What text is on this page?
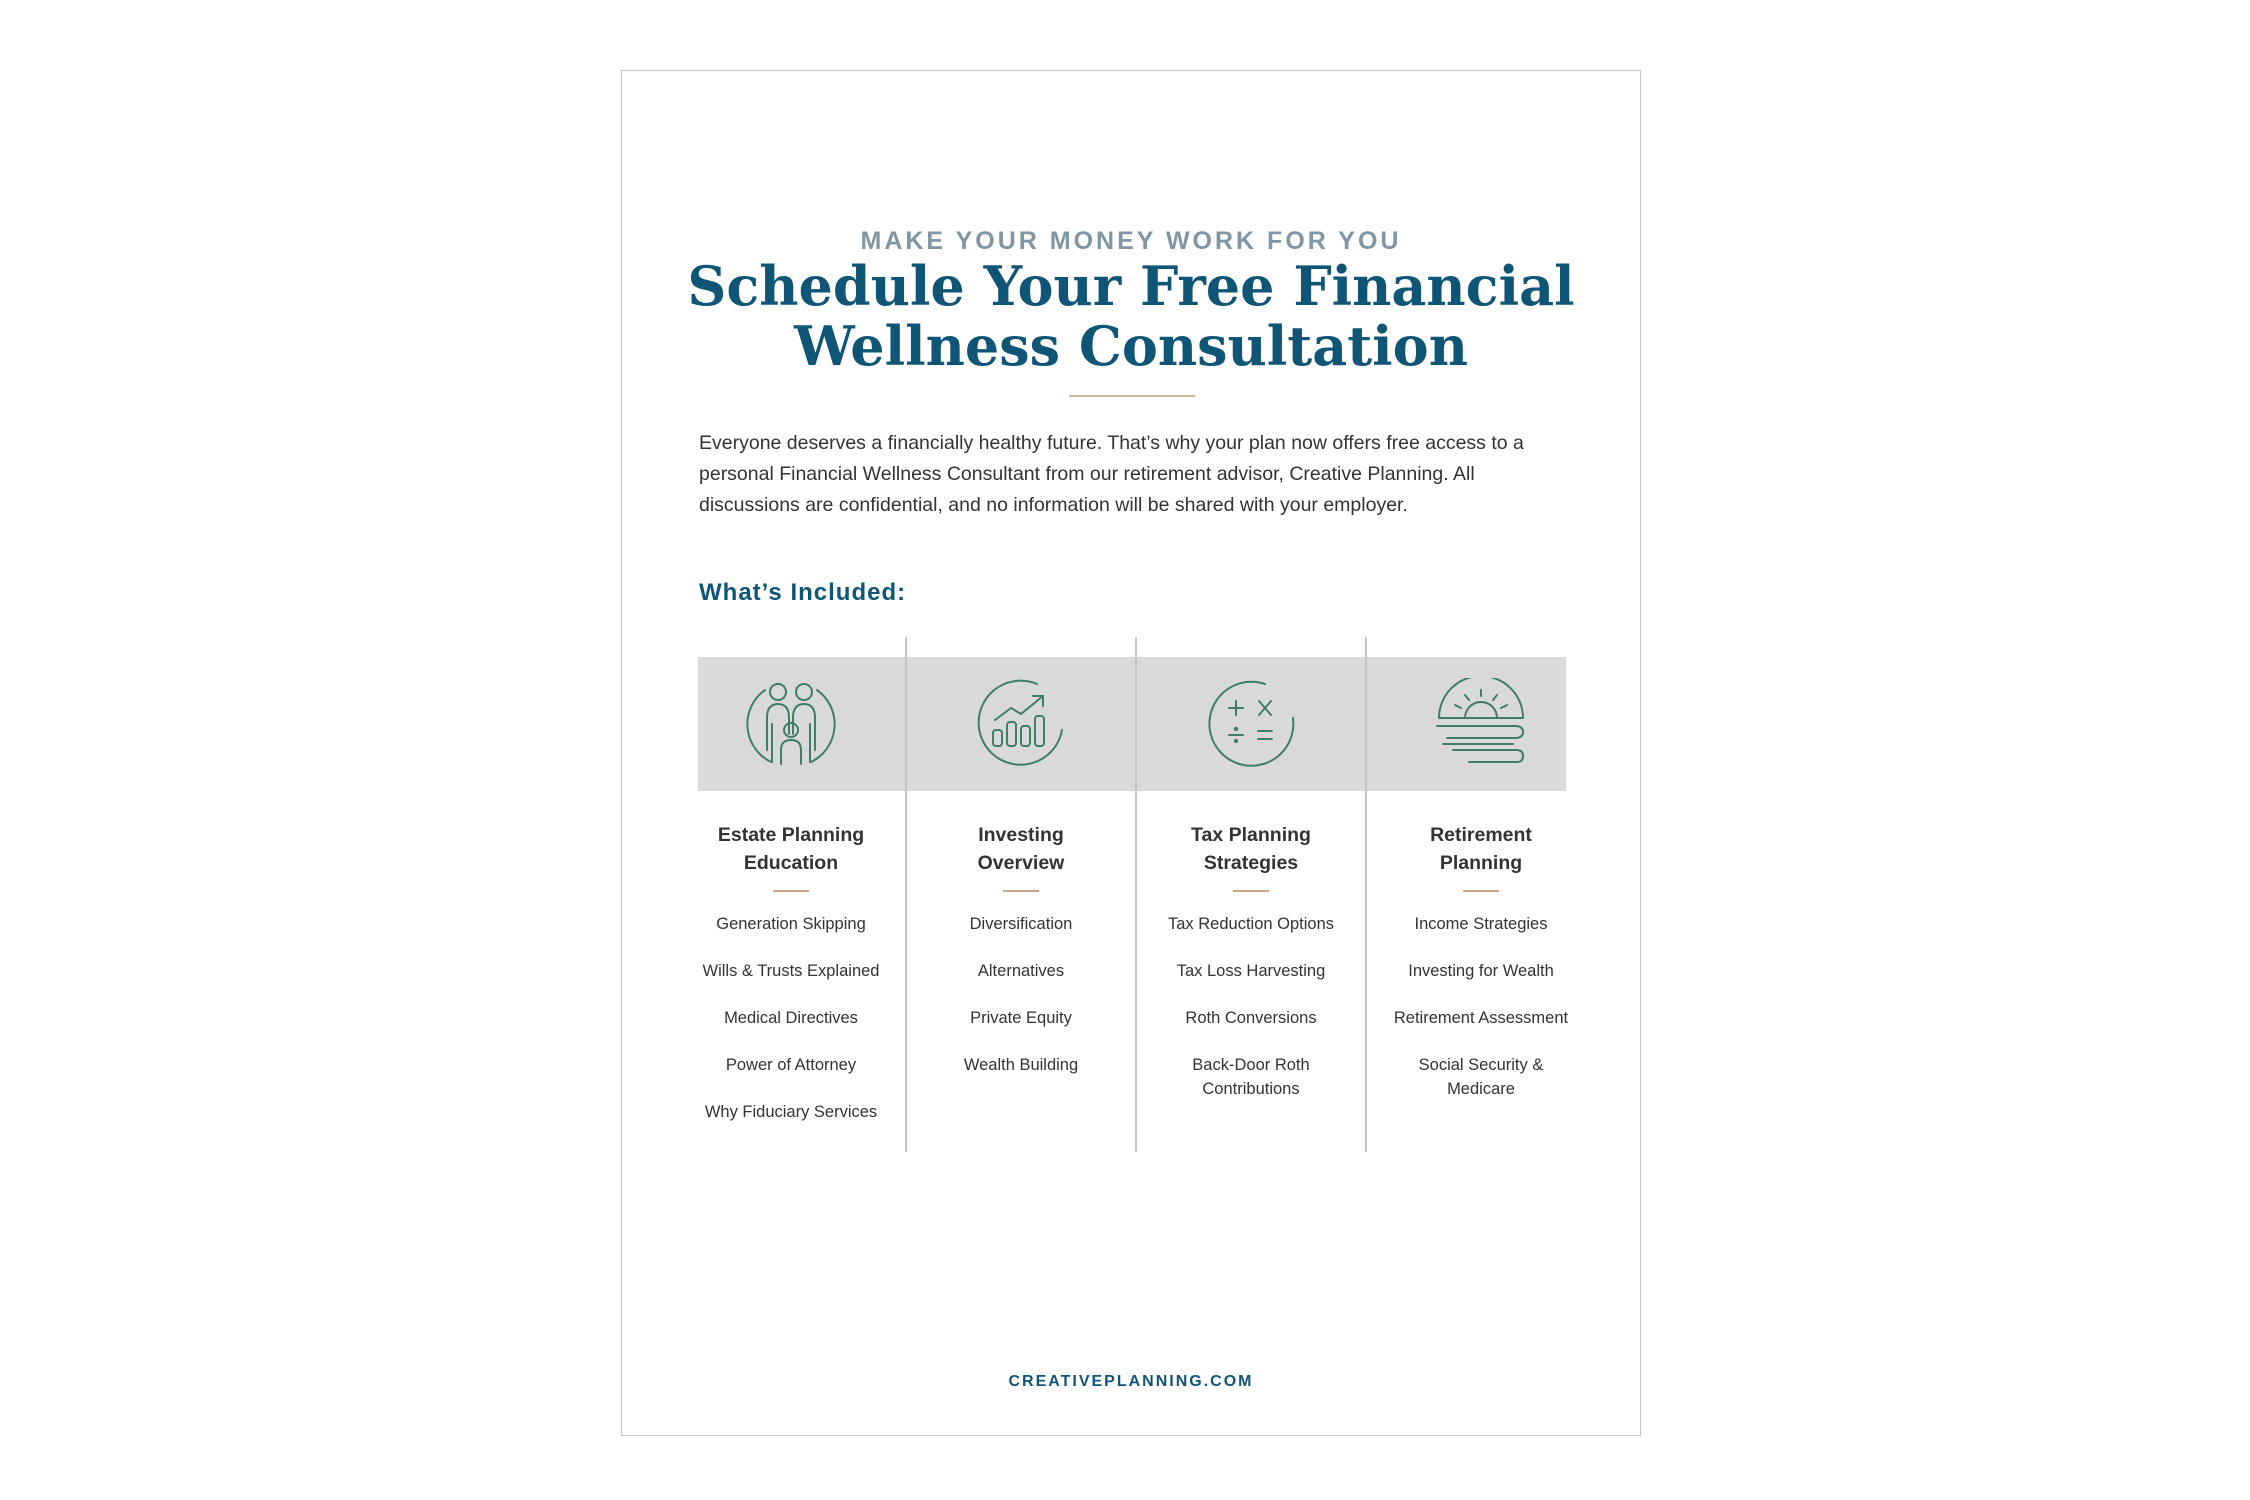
MAKE YOUR MONEY WORK FOR YOU
Schedule Your Free Financial
Wellness Consultation

Everyone deserves a financially healthy future. That’s why your plan now offers free access to a personal Financial Wellness Consultant from our retirement advisor, Creative Planning. All discussions are confidential, and no information will be shared with your employer.

What’s Included:
Estate Planning
Education
Generation Skipping
Wills & Trusts Explained
Medical Directives
Power of Attorney
Why Fiduciary Services
Investing
Overview
Diversification
Alternatives
Private Equity
Wealth Building
Tax Planning
Strategies
Tax Reduction Options
Tax Loss Harvesting
Roth Conversions
Back-Door Roth Contributions
Retirement
Planning
Income Strategies
Investing for Wealth
Retirement Assessment
Social Security & Medicare
CREATIVEPLANNING.COM
